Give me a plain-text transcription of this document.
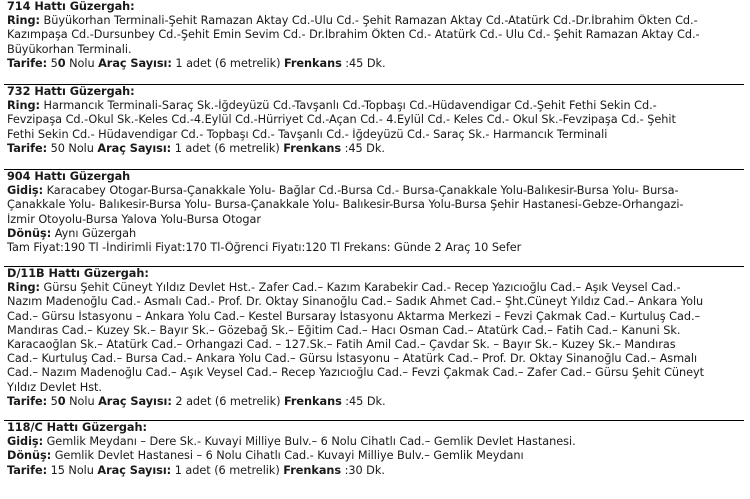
714 Hattı Güzergah:
Ring: Büyükorhan Terminali-Şehit Ramazan Aktay Cd.-Ulu Cd.- Şehit Ramazan Aktay Cd.-Atatürk Cd.-Dr.İbrahim Ökten Cd.-
Kazımpaşa Cd.-Dursunbey Cd.-Şehit Emin Sevim Cd.- Dr.İbrahim Ökten Cd.- Atatürk Cd.- Ulu Cd.- Şehit Ramazan Aktay Cd.-
Büyükorhan Terminali.
Tarife: 50 Nolu Araç Sayısı: 1 adet (6 metrelik) Frenkans :45 Dk.
732 Hattı Güzergah:
Ring: Harmancık Terminali-Saraç Sk.-İğdeyüzü Cd.-Tavşanlı Cd.-Topbaşı Cd.-Hüdavendigar Cd.-Şehit Fethi Sekin Cd.-
Fevzipaşa Cd.-Okul Sk.-Keles Cd.-4.Eylül Cd.-Hürriyet Cd.-Açan Cd.- 4.Eylül Cd.- Keles Cd.- Okul Sk.-Fevzipaşa Cd.- Şehit
Fethi Sekin Cd.- Hüdavendigar Cd.- Topbaşı Cd.- Tavşanlı Cd.- İğdeyüzü Cd.- Saraç Sk.- Harmancık Terminali
Tarife: 50 Nolu Araç Sayısı: 1 adet (6 metrelik) Frenkans :45 Dk.
904 Hattı Güzergah
Gidiş: Karacabey Otogar-Bursa-Çanakkale Yolu- Bağlar Cd.-Bursa Cd.- Bursa-Çanakkale Yolu-Balıkesir-Bursa Yolu- Bursa-
Çanakkale Yolu- Balıkesir-Bursa Yolu- Bursa-Çanakkale Yolu- Balıkesir-Bursa Yolu-Bursa Şehir Hastanesi-Gebze-Orhangazi-
İzmir Otoyolu-Bursa Yalova Yolu-Bursa Otogar
Dönüş: Aynı Güzergah
Tam Fiyat:190 Tl -İndirimli Fiyat:170 Tl-Öğrenci Fiyatı:120 Tl Frekans: Günde 2 Araç 10 Sefer
D/11B Hattı Güzergah:
Ring: Gürsu Şehit Cüneyt Yıldız Devlet Hst.- Zafer Cad.– Kazım Karabekir Cad.- Recep Yazıcıoğlu Cad.– Aşık Veysel Cad.-
Nazım Madenoğlu Cad.- Asmalı Cad.- Prof. Dr. Oktay Sinanoğlu Cad.– Sadık Ahmet Cad.– Şht.Cüneyt Yıldız Cad.– Ankara Yolu
Cad.– Gürsu İstasyonu – Ankara Yolu Cad.– Kestel Bursaray İstasyonu Aktarma Merkezi – Fevzi Çakmak Cad.– Kurtuluş Cad.–
Mandıras Cad.– Kuzey Sk.– Bayır Sk.– Gözebağ Sk.– Eğitim Cad.– Hacı Osman Cad.– Atatürk Cad.– Fatih Cad.– Kanuni Sk.
Karacaoğlan Sk.– Atatürk Cad.– Orhangazi Cad. – 127.Sk.– Fatih Amil Cad.– Çavdar Sk. – Bayır Sk.– Kuzey Sk.– Mandıras
Cad.– Kurtuluş Cad.– Bursa Cad.– Ankara Yolu Cad.– Gürsu İstasyonu – Atatürk Cad.– Prof. Dr. Oktay Sinanoğlu Cad.– Asmalı
Cad.– Nazım Madenoğlu Cad.– Aşık Veysel Cad.– Recep Yazıcıoğlu Cad.– Fevzi Çakmak Cad.– Zafer Cad.– Gürsu Şehit Cüneyt
Yıldız Devlet Hst.
Tarife: 50 Nolu Araç Sayısı: 2 adet (6 metrelik) Frenkans :45 Dk.
118/C Hattı Güzergah:
Gidiş: Gemlik Meydanı – Dere Sk.- Kuvayi Milliye Bulv.– 6 Nolu Cihatlı Cad.– Gemlik Devlet Hastanesi.
Dönüş: Gemlik Devlet Hastanesi – 6 Nolu Cihatlı Cad.- Kuvayi Milliye Bulv.– Gemlik Meydanı
Tarife: 15 Nolu Araç Sayısı: 1 adet (6 metrelik) Frenkans :30 Dk.
